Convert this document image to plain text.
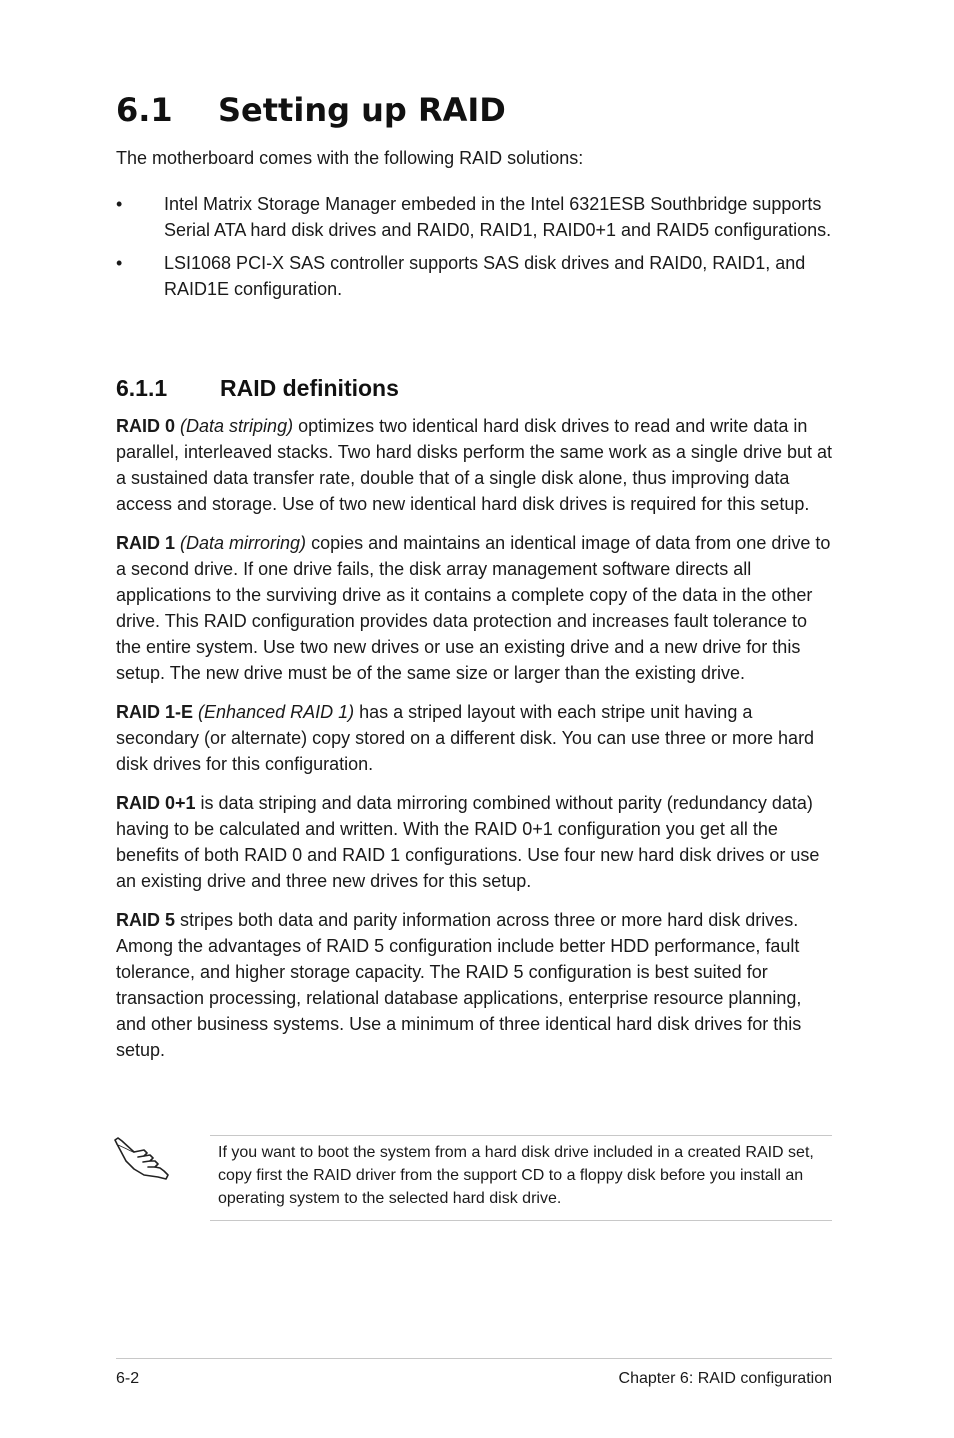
6.1 Setting up RAID

The motherboard comes with the following RAID solutions:

•	Intel Matrix Storage Manager embeded in the Intel 6321ESB Southbridge supports Serial ATA hard disk drives and RAID0, RAID1, RAID0+1 and RAID5 configurations.
•	LSI1068 PCI-X SAS controller supports SAS disk drives and RAID0, RAID1, and RAID1E configuration.
6.1.1 RAID definitions

RAID 0 (Data striping) optimizes two identical hard disk drives to read and write data in parallel, interleaved stacks. Two hard disks perform the same work as a single drive but at a sustained data transfer rate, double that of a single disk alone, thus improving data access and storage. Use of two new identical hard disk drives is required for this setup.

RAID 1 (Data mirroring) copies and maintains an identical image of data from one drive to a second drive. If one drive fails, the disk array management software directs all applications to the surviving drive as it contains a complete copy of the data in the other drive. This RAID configuration provides data protection and increases fault tolerance to the entire system. Use two new drives or use an existing drive and a new drive for this setup. The new drive must be of the same size or larger than the existing drive.

RAID 1-E (Enhanced RAID 1) has a striped layout with each stripe unit having a secondary (or alternate) copy stored on a different disk. You can use three or more hard disk drives for this configuration.

RAID 0+1 is data striping and data mirroring combined without parity (redundancy data) having to be calculated and written. With the RAID 0+1 configuration you get all the benefits of both RAID 0 and RAID 1 configurations. Use four new hard disk drives or use an existing drive and three new drives for this setup.

RAID 5 stripes both data and parity information across three or more hard disk drives. Among the advantages of RAID 5 configuration include better HDD performance, fault tolerance, and higher storage capacity. The RAID 5 configuration is best suited for transaction processing, relational database applications, enterprise resource planning, and other business systems. Use a minimum of three identical hard disk drives for this setup.

If you want to boot the system from a hard disk drive included in a created RAID set, copy first the RAID driver from the support CD to a floppy disk before you install an operating system to the selected hard disk drive.

6-2	Chapter 6: RAID configuration
